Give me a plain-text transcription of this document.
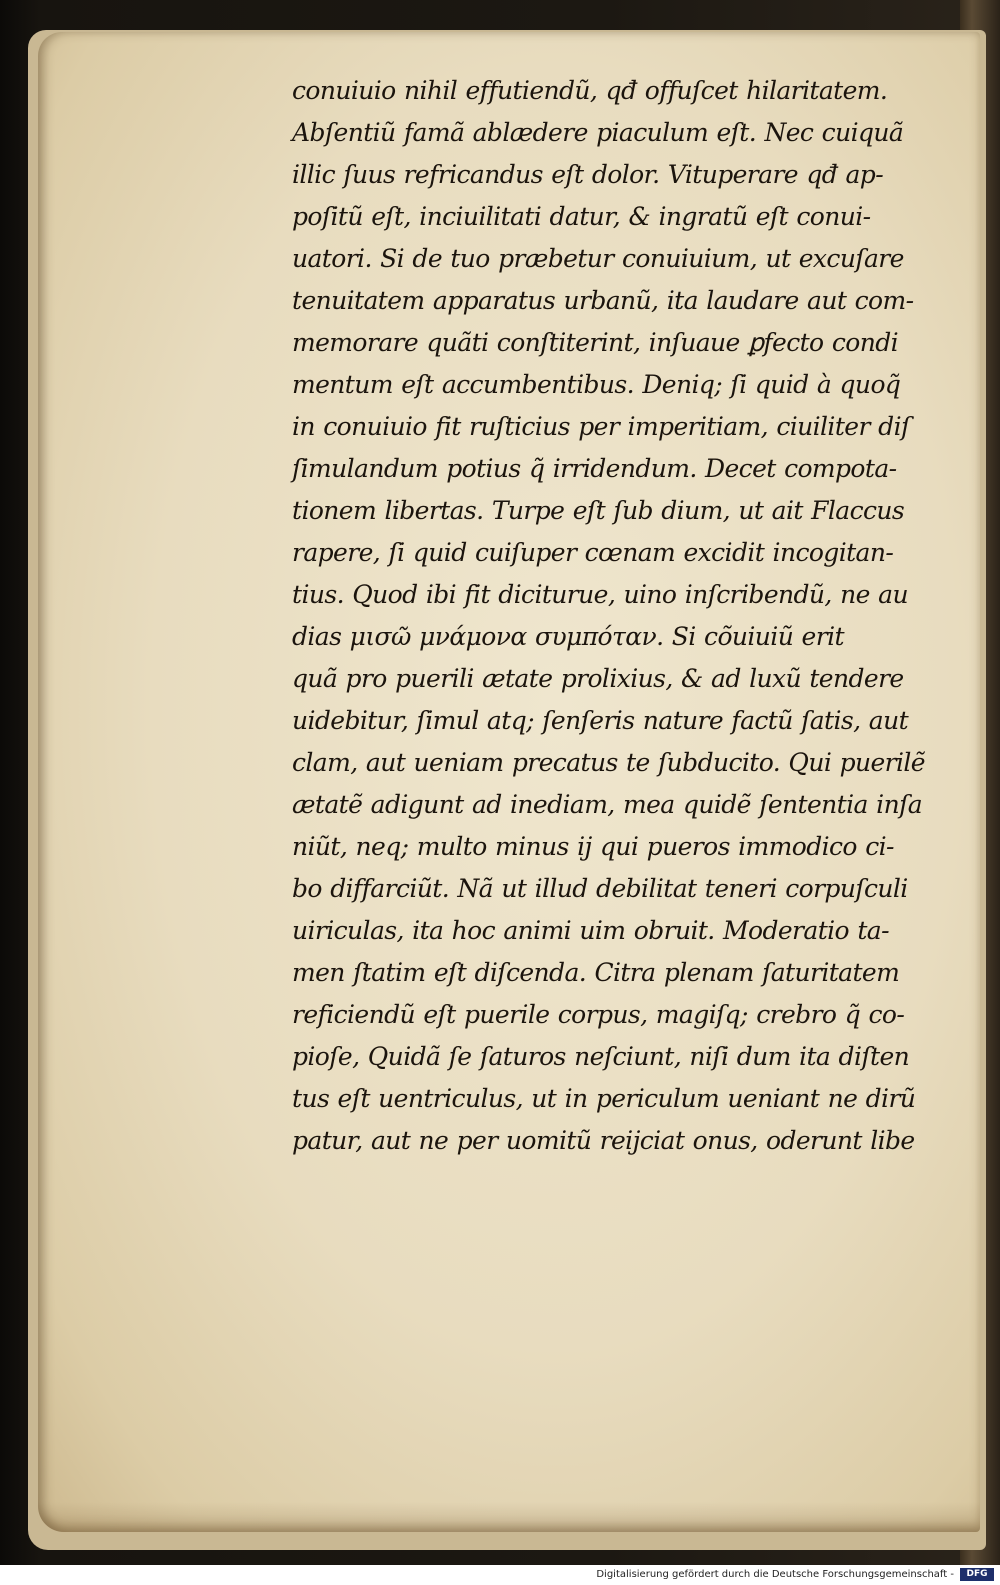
conuiuio nihil effutiendũ, qđ offuſcet hilaritatem.
Abſentiũ famã ablædere piaculum eſt. Nec cuiquã
illic ſuus refricandus eſt dolor. Vituperare qđ ap-
poſitũ eſt, inciuilitati datur, & ingratũ eſt conui-
uatori. Si de tuo præbetur conuiuium, ut excuſare
tenuitatem apparatus urbanũ, ita laudare aut com-
memorare quãti conſtiterint, inſuaue ꝑfecto condi
mentum eſt accumbentibus. Deniq; ſi quid à quoq̃
in conuiuio fit ruſticius per imperitiam, ciuiliter diſ
ſimulandum potius q̃ irridendum. Decet compota-
tionem libertas. Turpe eſt ſub dium, ut ait Flaccus
rapere, ſi quid cuiſuper cœnam excidit incogitan-
tius. Quod ibi fit diciturue, uino inſcribendũ, ne au
dias μισῶ μνάμονα συμπόταν. Si cõuiuiũ erit
quã pro puerili ætate prolixius, & ad luxũ tendere
uidebitur, ſimul atq; ſenſeris nature factũ ſatis, aut
clam, aut ueniam precatus te ſubducito. Qui puerilẽ
ætatẽ adigunt ad inediam, mea quidẽ ſententia inſa
niũt, neq; multo minus ij qui pueros immodico ci-
bo diffarciũt. Nã ut illud debilitat teneri corpuſculi
uiriculas, ita hoc animi uim obruit. Moderatio ta-
men ſtatim eſt diſcenda. Citra plenam ſaturitatem
reficiendũ eſt puerile corpus, magiſq; crebro q̃ co-
pioſe, Quidã ſe ſaturos neſciunt, niſi dum ita diſten
tus eſt uentriculus, ut in periculum ueniant ne dirũ
patur, aut ne per uomitũ reijciat onus, oderunt libe
Digitalisierung gefördert durch die Deutsche Forschungsgemeinschaft -	DFG
